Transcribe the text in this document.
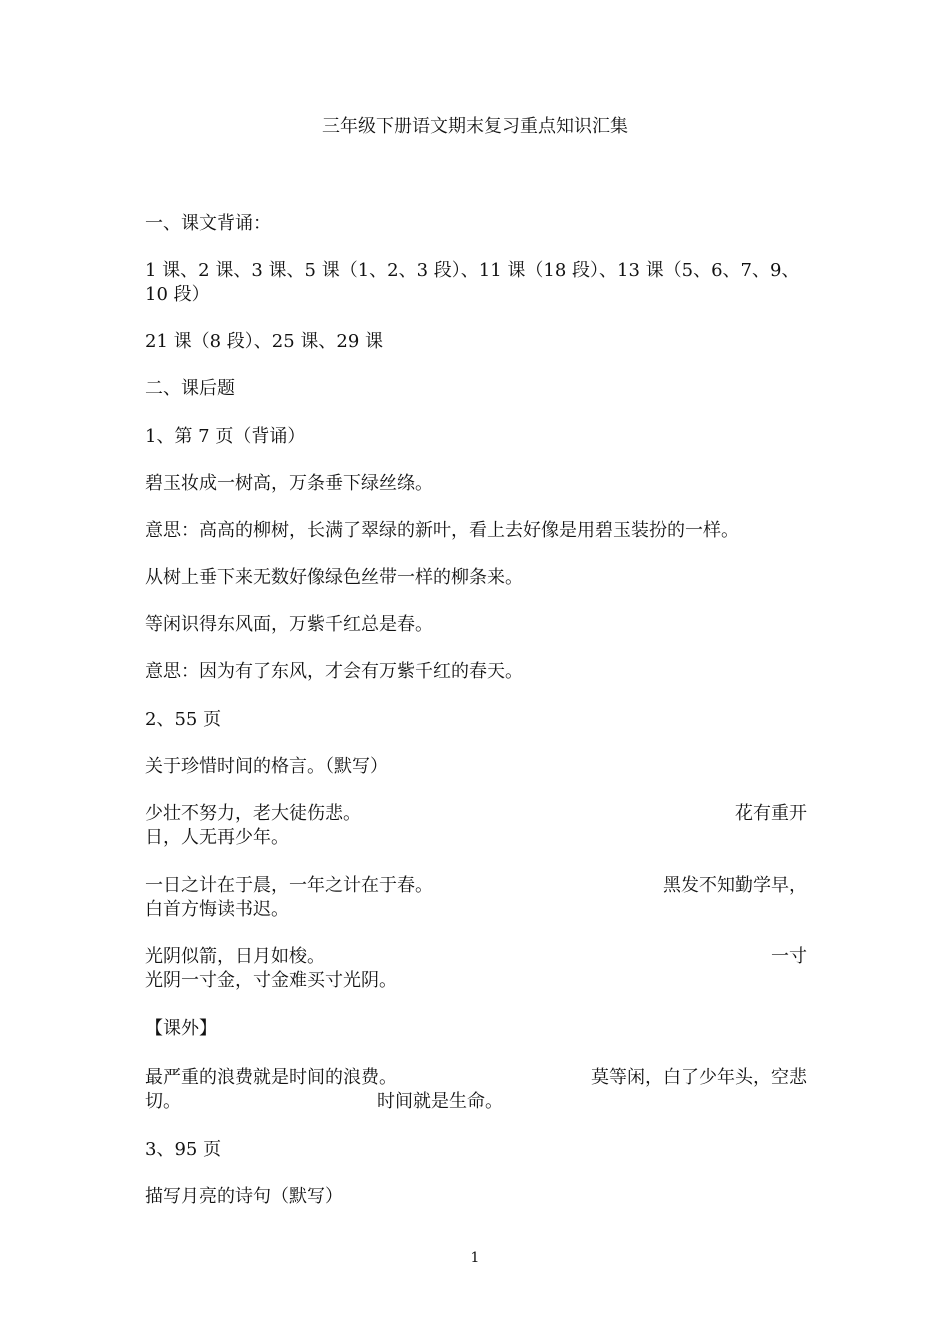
三年级下册语文期末复习重点知识汇集
一、课文背诵：
1 课、2 课、3 课、5 课（1、2、3 段）、11 课（18 段）、13 课（5、6、7、9、
10 段）
21 课（8 段）、25 课、29 课
二、课后题
1、第 7 页（背诵）
碧玉妆成一树高，万条垂下绿丝绦。
意思：高高的柳树，长满了翠绿的新叶，看上去好像是用碧玉装扮的一样。
从树上垂下来无数好像绿色丝带一样的柳条来。
等闲识得东风面，万紫千红总是春。
意思：因为有了东风，才会有万紫千红的春天。
2、55 页
关于珍惜时间的格言。（默写）
少壮不努力，老大徒伤悲。	花有重开
日，人无再少年。
一日之计在于晨，一年之计在于春。	黑发不知勤学早，
白首方悔读书迟。
光阴似箭，日月如梭。	一寸
光阴一寸金，寸金难买寸光阴。
【课外】
最严重的浪费就是时间的浪费。	莫等闲，白了少年头，空悲
切。	时间就是生命。
3、95 页
描写月亮的诗句（默写）
1
